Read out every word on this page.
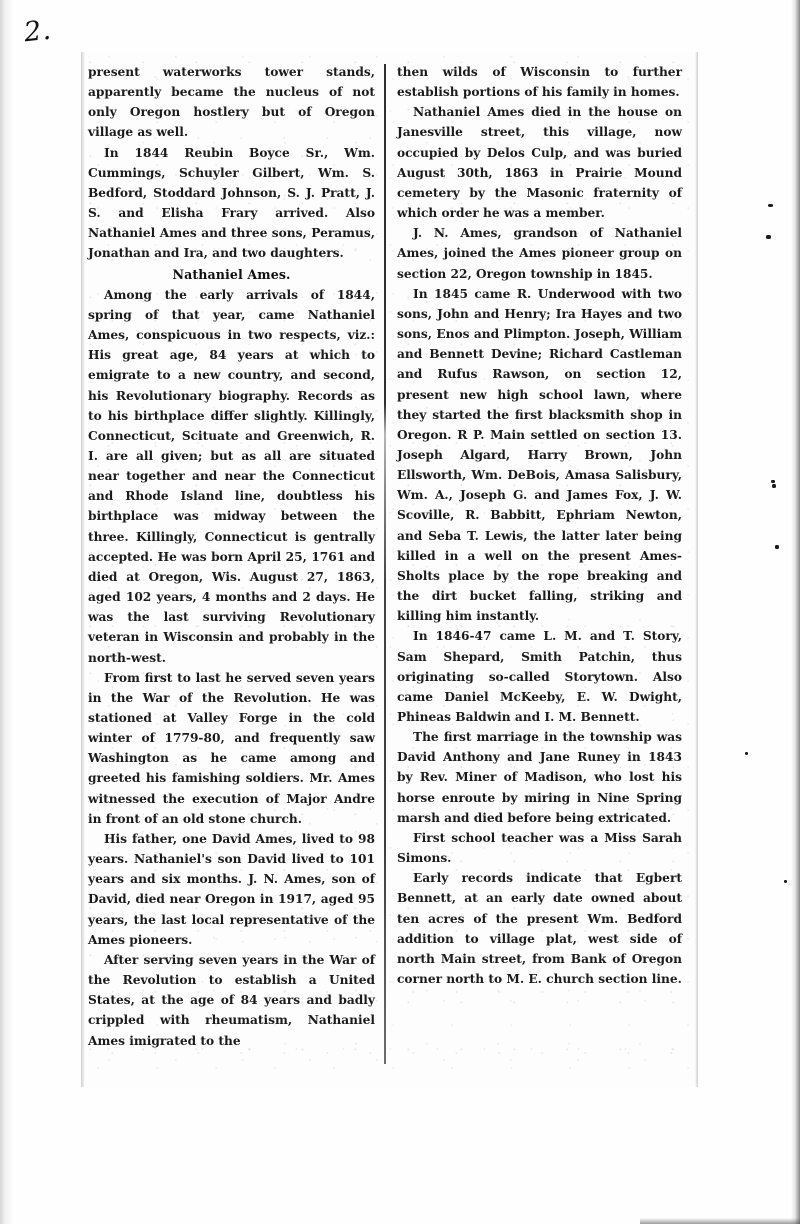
2.
present waterworks tower stands, apparently became the nucleus of not only Oregon hostlery but of Oregon village as well.
In 1844 Reubin Boyce Sr., Wm. Cummings, Schuyler Gilbert, Wm. S. Bedford, Stoddard Johnson, S. J. Pratt, J. S. and Elisha Frary arrived. Also Nathaniel Ames and three sons, Peramus, Jonathan and Ira, and two daughters.
Nathaniel Ames.
Among the early arrivals of 1844, spring of that year, came Nathaniel Ames, conspicuous in two respects, viz.: His great age, 84 years at which to emigrate to a new country, and second, his Revolutionary biography. Records as to his birthplace differ slightly. Killingly, Connecticut, Scituate and Greenwich, R. I. are all given; but as all are situated near together and near the Connecticut and Rhode Island line, doubtless his birthplace was midway between the three. Killingly, Connecticut is gentrally accepted. He was born April 25, 1761 and died at Oregon, Wis. August 27, 1863, aged 102 years, 4 months and 2 days. He was the last surviving Revolutionary veteran in Wisconsin and probably in the north-west.
From first to last he served seven years in the War of the Revolution. He was stationed at Valley Forge in the cold winter of 1779-80, and frequently saw Washington as he came among and greeted his famishing soldiers. Mr. Ames witnessed the execution of Major Andre in front of an old stone church.
His father, one David Ames, lived to 98 years. Nathaniel's son David lived to 101 years and six months. J. N. Ames, son of David, died near Oregon in 1917, aged 95 years, the last local representative of the Ames pioneers.
After serving seven years in the War of the Revolution to establish a United States, at the age of 84 years and badly crippled with rheumatism, Nathaniel Ames imigrated to the
then wilds of Wisconsin to further establish portions of his family in homes.
Nathaniel Ames died in the house on Janesville street, this village, now occupied by Delos Culp, and was buried August 30th, 1863 in Prairie Mound cemetery by the Masonic fraternity of which order he was a member.
J. N. Ames, grandson of Nathaniel Ames, joined the Ames pioneer group on section 22, Oregon township in 1845.
In 1845 came R. Underwood with two sons, John and Henry; Ira Hayes and two sons, Enos and Plimpton. Joseph, William and Bennett Devine; Richard Castleman and Rufus Rawson, on section 12, present new high school lawn, where they started the first blacksmith shop in Oregon. R P. Main settled on section 13. Joseph Algard, Harry Brown, John Ellsworth, Wm. DeBois, Amasa Salisbury, Wm. A., Joseph G. and James Fox, J. W. Scoville, R. Babbitt, Ephriam Newton, and Seba T. Lewis, the latter later being killed in a well on the present Ames-Sholts place by the rope breaking and the dirt bucket falling, striking and killing him instantly.
In 1846-47 came L. M. and T. Story, Sam Shepard, Smith Patchin, thus originating so-called Storytown. Also came Daniel McKeeby, E. W. Dwight, Phineas Baldwin and I. M. Bennett.
The first marriage in the township was David Anthony and Jane Runey in 1843 by Rev. Miner of Madison, who lost his horse enroute by miring in Nine Spring marsh and died before being extricated.
First school teacher was a Miss Sarah Simons.
Early records indicate that Egbert Bennett, at an early date owned about ten acres of the present Wm. Bedford addition to village plat, west side of north Main street, from Bank of Oregon corner north to M. E. church section line.
